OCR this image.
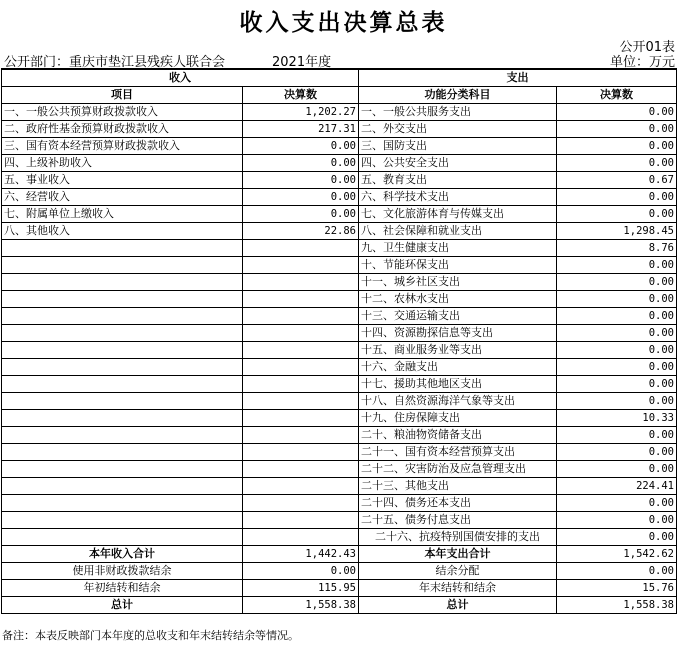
收入支出决算总表
公开01表
公开部门：重庆市垫江县残疾人联合会	2021年度	单位：万元
收入		支出	
项目	决算数	功能分类科目	决算数
一、一般公共预算财政拨款收入	1,202.27	一、一般公共服务支出	0.00
二、政府性基金预算财政拨款收入	217.31	二、外交支出	0.00
三、国有资本经营预算财政拨款收入	0.00	三、国防支出	0.00
四、上级补助收入	0.00	四、公共安全支出	0.00
五、事业收入	0.00	五、教育支出	0.67
六、经营收入	0.00	六、科学技术支出	0.00
七、附属单位上缴收入	0.00	七、文化旅游体育与传媒支出	0.00
八、其他收入	22.86	八、社会保障和就业支出	1,298.45
		九、卫生健康支出	8.76
		十、节能环保支出	0.00
		十一、城乡社区支出	0.00
		十二、农林水支出	0.00
		十三、交通运输支出	0.00
		十四、资源勘探信息等支出	0.00
		十五、商业服务业等支出	0.00
		十六、金融支出	0.00
		十七、援助其他地区支出	0.00
		十八、自然资源海洋气象等支出	0.00
		十九、住房保障支出	10.33
		二十、粮油物资储备支出	0.00
		二十一、国有资本经营预算支出	0.00
		二十二、灾害防治及应急管理支出	0.00
		二十三、其他支出	224.41
		二十四、债务还本支出	0.00
		二十五、债务付息支出	0.00
		二十六、抗疫特别国债安排的支出	0.00
本年收入合计	1,442.43	本年支出合计	1,542.62
使用非财政拨款结余	0.00	结余分配	0.00
年初结转和结余	115.95	年末结转和结余	15.76
总计	1,558.38	总计	1,558.38
备注：本表反映部门本年度的总收支和年末结转结余等情况。
